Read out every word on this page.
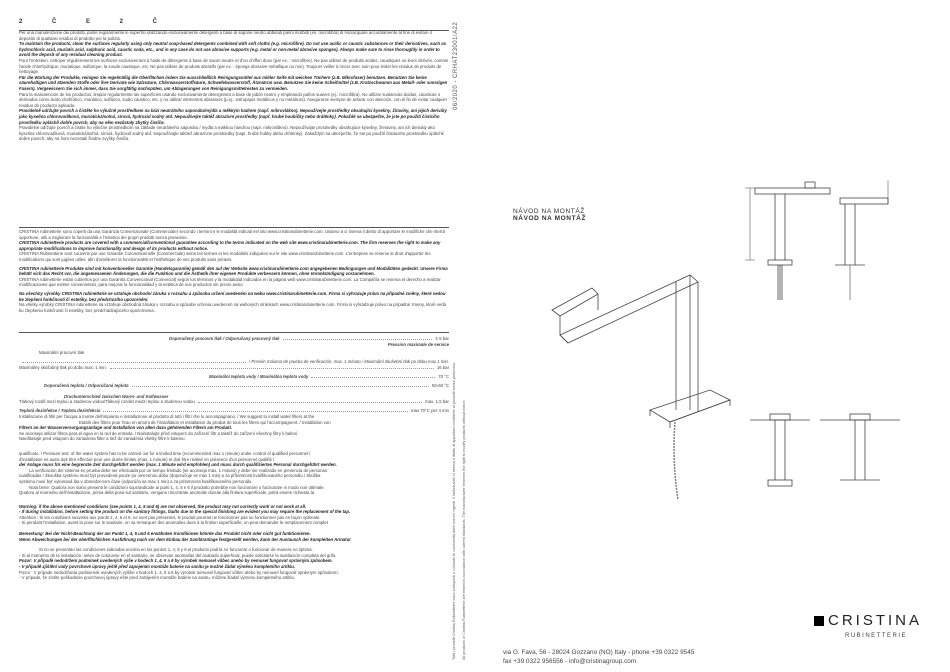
2 Č E 2 Č

Per una manutenzione dei prodotti, pulire regolarmente le superfici utilizzando esclusivamente detergenti a base di sapone neutro abbinati panni morbidi (es. microfibra) di risciacquare accuratamente al fine di evitare il deposito di qualsiasi residuo di prodotto per la pulizia.

To maintain the products, clean the surfaces regularly using only neutral soap-based detergents combined with soft cloths (e.g. microfibre). Do not use acidic or caustic substances or their derivatives, such as hydrochloric acid, muriatic acid, sulphuric acid, caustic soda, etc., and in any case do not use abrasive supports (e.g. metal or non-metal abrasive sponges). Always make sure to rinse thoroughly in order to avoid the deposit of any residual cleaning product.

Pour l'entretien, nettoyer régulièrement les surfaces exclusivement à l'aide de détergents à base de savon neutre et d'un chiffon doux (par ex. : microfibre). Ne pas utiliser de produits acides, caustiques ou leurs dérivés, comme l'acide chlorhydrique, muriatique, sulfurique, la soude caustique, etc. Ne pas utiliser de produits abrasifs (par ex. : éponge abrasive métallique ou non). Toujours veiller à rincer avec soin pour éviter les résidus de produits de nettoyage.

Für die Wartung der Produkte, reinigen Sie regelmäßig die Oberflächen indem Sie ausschließlich Reinigungsmittel aus milder Seife mit weichen Tüchern (z.B. Mikrofaser) benutzen. Benutzen Sie keine säurehaltigen und ätzenden Stoffe oder ihre Derivate wie Salzsäure, Chlorwasserstoffsäure, Schwefelwasserstoff, Ätznatron usw. Benutzen Sie keine Scheifmittel (z.B. Kratzschwamm aus Metall- oder sonstigen Fasern). Vergewissern Sie sich immer, dass Sie sorgfältig nachspülen, um Ablagerungen von Reinigungsmittelresten zu vermeiden.

Para la manutención de los productos, limpiar regularmente las superficies usando exclusivamente detergentes a base de jabón neutro y empleando paños suaves (ej.: microfibra). No utilizar sustancias ácidas, cáusticas o derivados como ácido clorhídrico, muriático, sulfúrico, sodio cáustico, etc. y no utilizar elementos abrasivos (p.ej.: estropajos metálicos y no metálicos). Asegurarse siempre de aclarar con atención, con el fin de evitar cualquier residuo de producto aplicado.

Pravidelně udržujte povrch a čistěte ho výlučně prostředkem na bázi neutrálního saponátu/mýdla a měkkým hadrem (např. mikrovlákno). Nepoužívejte prostředky obsahující kyseliny, žíraviny, ani jejich deriváty jako kyselina chlorovodíková, muriatická/solná, sírová, hydroxid sodný atd. Nepoužívejte taktéž abrazivní prostředky (např. hrubé houbičky nebo drátěnky). Pokaždé se ubezpečte, že jste po použití čisticího prostředku opláchli dobře povrch, aby na něm nezůstaly zbytky čističe.

Pravidelne udržujte povrch a čistite ho výlučne prostriedkom na základe neutrálneho saponátu / mydla a mäkkou handrou (napr. mikrovlákno). Nepoužívajte prostriedky obsahujúce kyseliny, žieraviny, ani ich deriváty ako kyselina chlorovodíková, muriatická/soľná, sírová, hydroxid sodný atď. Nepoužívajte taktiež abrazívne prostriedky (napr. hrubé hubky alebo drôtenky). Zakaždým sa ubezpečte, že ste po použití čistiaceho prostriedku opláchli dobre povrch, aby na ňom nezostali žiadne zvyšky čističa.

CRISTINA rubinetterie sono coperti da una Garanzia Convenzionale (Commerciale) secondo i termini e le modalità indicati nel sito www.cristinarubinetterie.com. Usiamo a ci riserva il diritto di apportare le modifiche che riterrà opportune, utili a migliorare la funzionalità e l'estetica dei propri prodotti senza preavviso.

CRISTINA rubinetterie products are covered with a commercial/conventional guarantee according to the terms indicated on the web site www.cristinarubinetterie.com. The firm reserves the right to make any appropriate modifications to improve functionality and design of its products without notice.

CRISTINA Rubinetterie sont couverts par une Garantie Conventionnelle (Commerciale) selon les termes et les modalités indiquées sur le site www.cristinarubinetterie.com. L'entreprise se réserve le droit d'apporter les modifications qui sont jugées utiles, afin d'améliorer la fonctionnalité et l'esthétique de ses produits sans préavis.

CRISTINA rubinetterie Produkte sind mit konventioneller Garantie (Handelsgarantie) gemäß den auf der Website www.cristinarubinetterie.com angegebenen Bedingungen und Modalitäten gedeckt. Unsere Firma behält sich das Recht vor, die angemessenen Änderungen, die die Funktion und die Ästhetik ihrer eigenen Produkte verbessern können, ohne Vorankündigung vorzunehmen.

CRISTINA rubinetterie están cubiertos por una Garantía Convencional (Comercial) según los términos y la modalidad indicados en la página web www.cristinarubinetterie.com. La Compañía se reserva el derecho a realizar modificaciones que estime convenientes, para mejorar la funcionalidad y la estética de sus productos sin previo aviso.

Na všechny výrobky CRISTINA rubinetterie se vztahuje obchodní záruka v rozsahu a způsobu určení uvedeném na webu www.cristinarubinetterie.com. Firma si vyhrazuje právo na případné změny, které vedou ke zlepšení funkčnosti či estetiky, bez předchozího upozornění.

Na všetky výrobky CRISTINA rubinetterie sa vzťahuje obchodná záruka v rozsahu a spôsobe určenia uvedenom na webových stránkach www.cristinarubinetterie.com. Firma si vyhradzuje právo na prípadné zmeny, ktoré vedú ku zlepšeniu funkčnosti či estetiky, bez predchádzajúceho upozornenia.

Doporučený pracovní tlak / Odporučaný pracovný tlak	1-5 bar
Pression maximale de service
Maximální pracovní tlak
/ Presión máxima de prueba de verificación, max. 1 minuto / Maximální zkušební tlak po dobu max 1 min.
Maximálny skúšobný tlak po dobu max. 1 min.	16 bar
Maximální teplota vody / Maximálna teplota vody	70 °C
Doporučená teplota / Odporúčaná teplota	50-60 °C
Druckunterschied zwischen Warm- und Kaltwasser
Tlakový rozdíl mezi teplou a studenou vodou/Tlakový rozdiel medzi teplou a studenou vodou	max. 1,5 bar
Teplotá dezinfekce / Teplota dezinfekcia	max 70°C per 4 min

Installazione di filtri per l'acqua a monte dell'impianto e installazione al prodotto di tutti i filtri che lo accompagnano. / We suggest to install water filters at the

Etablir des filtres pour l'eau en amont de l'installation et installation du produit de tous les filtres qui l'accompagnent. / Installation von

Filtern an der Wasserversorgungsanlage und Installation von allen dazu gehörenden Filtern am Produkt.

Se aconseja utilizar filtros para el agua en la red de entrada. / Nainstalujte před vstupem do zařízení filtr a taktéž do zařízení všechny filtry k balení.

Nainštalujte pred vstupom do zariadenia filter a tiež do zariadenia všetky filtre k baleniu.

qualificato. / Pressure test: of the water system has to be carried out for a limited time (recommended max 1 minute) under control of qualified personnel /

d'installation es aussi doit être effectué pour une durée limitée (max. 1 minute) et doit être réalisé en présence d'un personnel qualifié /

der Anlage muss für eine begrenzte Zeit durchgeführt werden (max. 1 Minute wird empfohlen) und muss durch qualifiziertes Personal durchgeführt werden.

La verificación del sistema en prueba debe ser efectuada por un tiempo limitado (se aconseja max. 1 minuto) y debe ser realizado en presencia de personas

cualificadas / Zkouška systému musí být provedená pouze po omezenou dobu (doporučuje se max 1 min) a za přítomnosti kvalifikovaného personálu / Skúška

systému musí byť vykonaná iba v obmedzenom čase (odporúča sa max 1 min) a za prítomnosti kvalifikovaného personálu.

Nota bene: Qualora non siano presenti le condizioni sopraindicate ai punti 1, 4, 5 e 6 il prodotto potrebbe non funzionare o funzionare in modo non ottimale.

Qualora al momento dell'installazione, prima della posa sul sanitario, vengano riscontrate anomalie dovute alla finitura superficiale, potrà essere richiesta la

Warning: if the above mentioned conditions (see points 1, 4, 5 and 6) are not observed, the product may not correctly work or not work at all.

- If during installation, before setting the product on the sanitary fittings, faults due to the special finishing are evident you may require the replacement of the tap.

Attention : Si les conditions susvisés aux points 1, 4, 5 et 6, ne sont pas présentes, le produit pourrait ne fonctionner pas ou fonctionner pas en façon optimale.

- Si pendant l'installation, avant la pose sur le sanitaire, on va remarquer des anomalies dues à la finition superficielle, on peut demander le remplacement complet

Bemerkung: Bei der Nicht-Beachtung der am Punkt 1, 4, 5 und 6 erwähnten Konditionen könnte das Produkt nicht oder nicht gut funktionieren.

Wenn Abweichungen bei der oberflächlichen Ausführung nach vor dem Einbau der Sanitäranlage festgestellt werden, kann der Austausch der kompletten Armatur

Si no se presentan las condiciones indicadas encima en los puntos 1, 4, 5 y 6 el producto podría no funcionar o funcionar de manera no óptima.

- Si al momento de la instalación, antes de colocarse en el sanitario, se observan anomalías del acabado superficial, puede solicitarse la sustitución completa del grifo.

Pozor: V případě nedodržení podmínek uvedených výše v bodech 1, 4, 5 a 6 by výrobek nemusel vůbec anebo by nemusel fungovat správným způsobem.

- V případě zjištění vady povrchové úpravy ještě před zapojením montáže baterie na sanitu je možné žádat výměnu kompletního artiklu.

Pozor : V prípade nedodržania podmienok uvedených vyššie v bodoch 1, 4, 5 a 6 by výrobok nemusel fungovať vôbec alebo by nemusel fungovať správnym spôsobom.

- V prípade, že zistíte poškodenie povrchovej úpravy ešte pred zahájením montáže batérie na sanitu, môžete žiadať výmenu kompletného artiklu.

06/2020 - CRHAT23001/A22
Tutti i prodotti Cristina Rubinetterie sono sottoposti a collaudo in conformità delle norme vigenti. Il fabbricante si riserva il diritto di apportare modifiche ai prodotti senza preavviso. All products of Cristina Rubinetterie are tested in accordance with current standards. The manufacturer reserves the right to modify products without notice.
NÁVOD NA MONTÁŽ
NÁVOD NA MONTÁŽ
CRISTINA
RUBINETTERIE
via G. Fava, 56 - 28024 Gozzano (NO) Italy - phone +39 0322 9545
fax +39 0322 956556 - info@cristinagroup.com
